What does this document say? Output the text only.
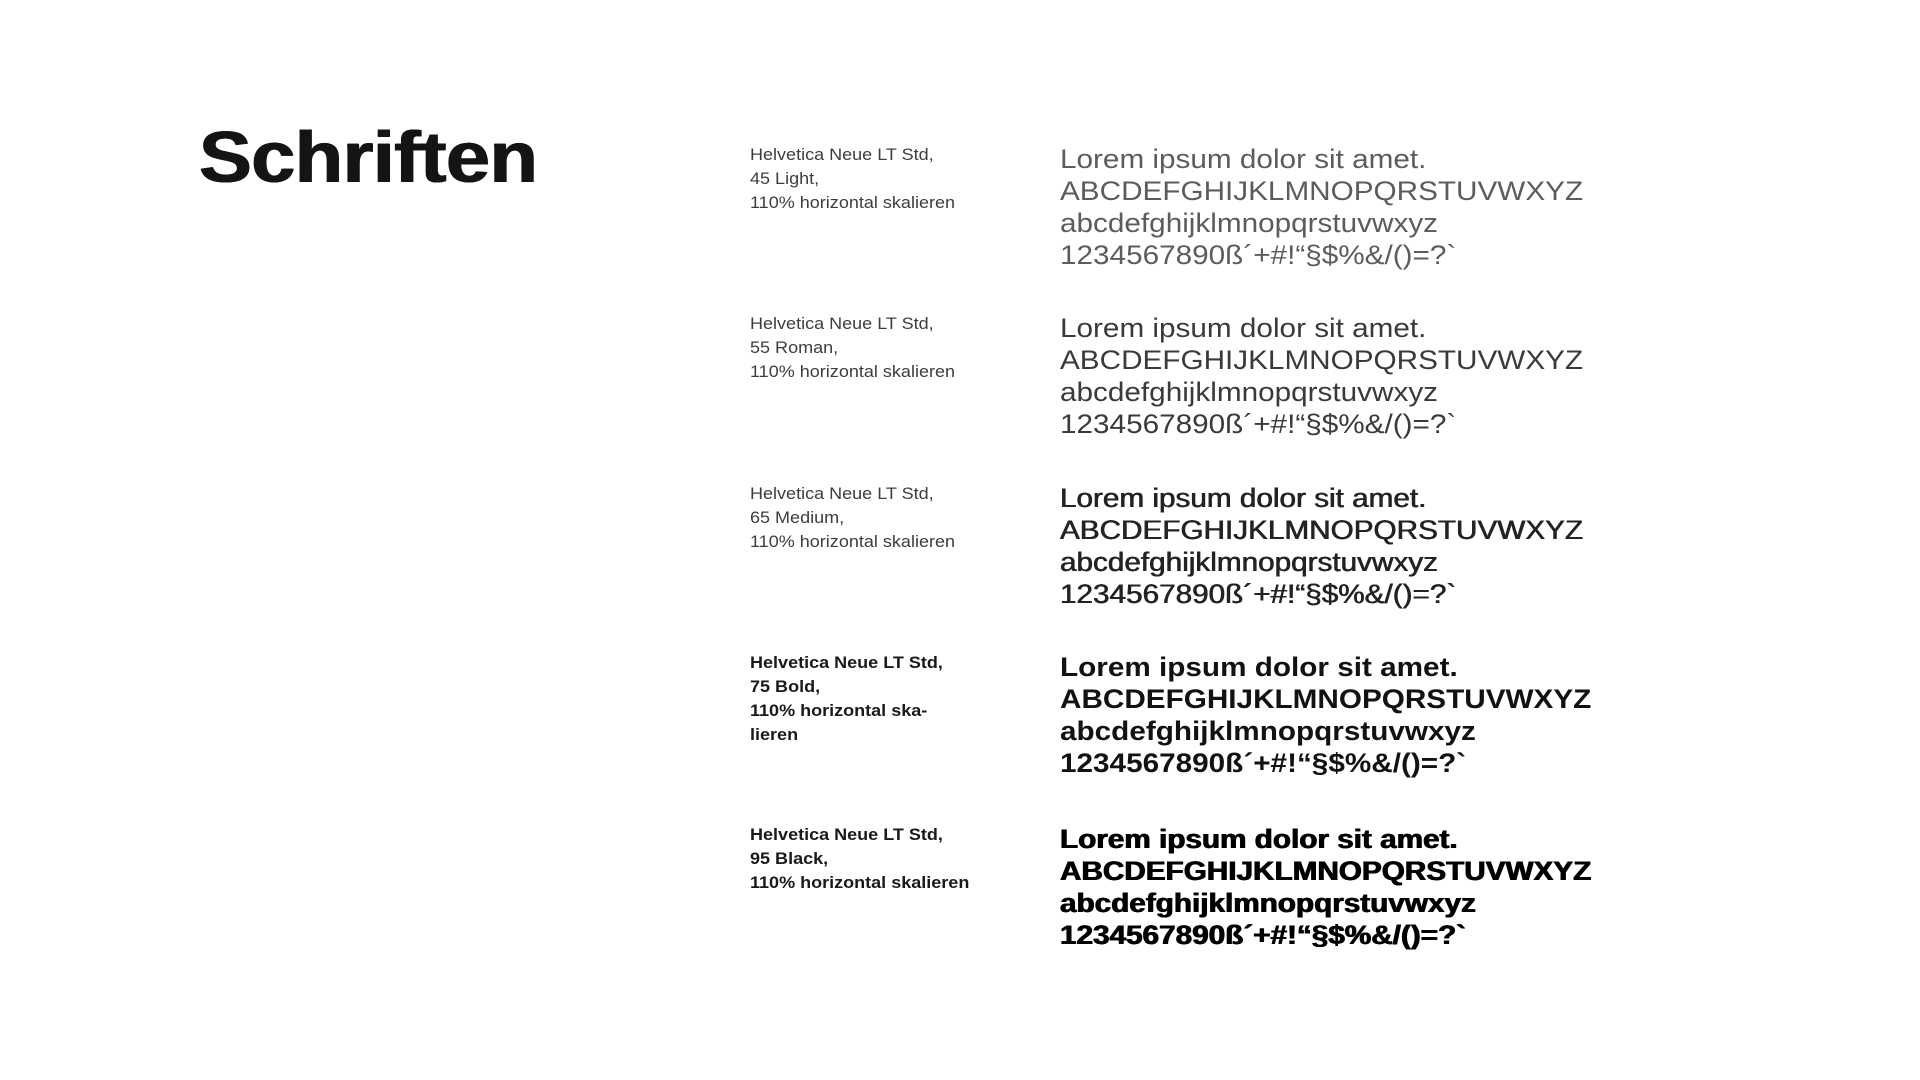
Schriften	Helvetica Neue LT Std,
45 Light,
110% horizontal skalieren
Lorem ipsum dolor sit amet.
ABCDEFGHIJKLMNOPQRSTUVWXYZ
abcdefghijklmnopqrstuvwxyz
1234567890ß´+#!“§$%&/()=?`
Helvetica Neue LT Std,
55 Roman,
110% horizontal skalieren
Lorem ipsum dolor sit amet.
ABCDEFGHIJKLMNOPQRSTUVWXYZ
abcdefghijklmnopqrstuvwxyz
1234567890ß´+#!“§$%&/()=?`
Helvetica Neue LT Std,
65 Medium,
110% horizontal skalieren
Lorem ipsum dolor sit amet.
ABCDEFGHIJKLMNOPQRSTUVWXYZ
abcdefghijklmnopqrstuvwxyz
1234567890ß´+#!“§$%&/()=?`
Helvetica Neue LT Std,
75 Bold,
110% horizontal ska-
lieren
Lorem ipsum dolor sit amet.
ABCDEFGHIJKLMNOPQRSTUVWXYZ
abcdefghijklmnopqrstuvwxyz
1234567890ß´+#!“§$%&/()=?`
Helvetica Neue LT Std,
95 Black,
110% horizontal skalieren
Lorem ipsum dolor sit amet.
ABCDEFGHIJKLMNOPQRSTUVWXYZ
abcdefghijklmnopqrstuvwxyz
1234567890ß´+#!“§$%&/()=?`
